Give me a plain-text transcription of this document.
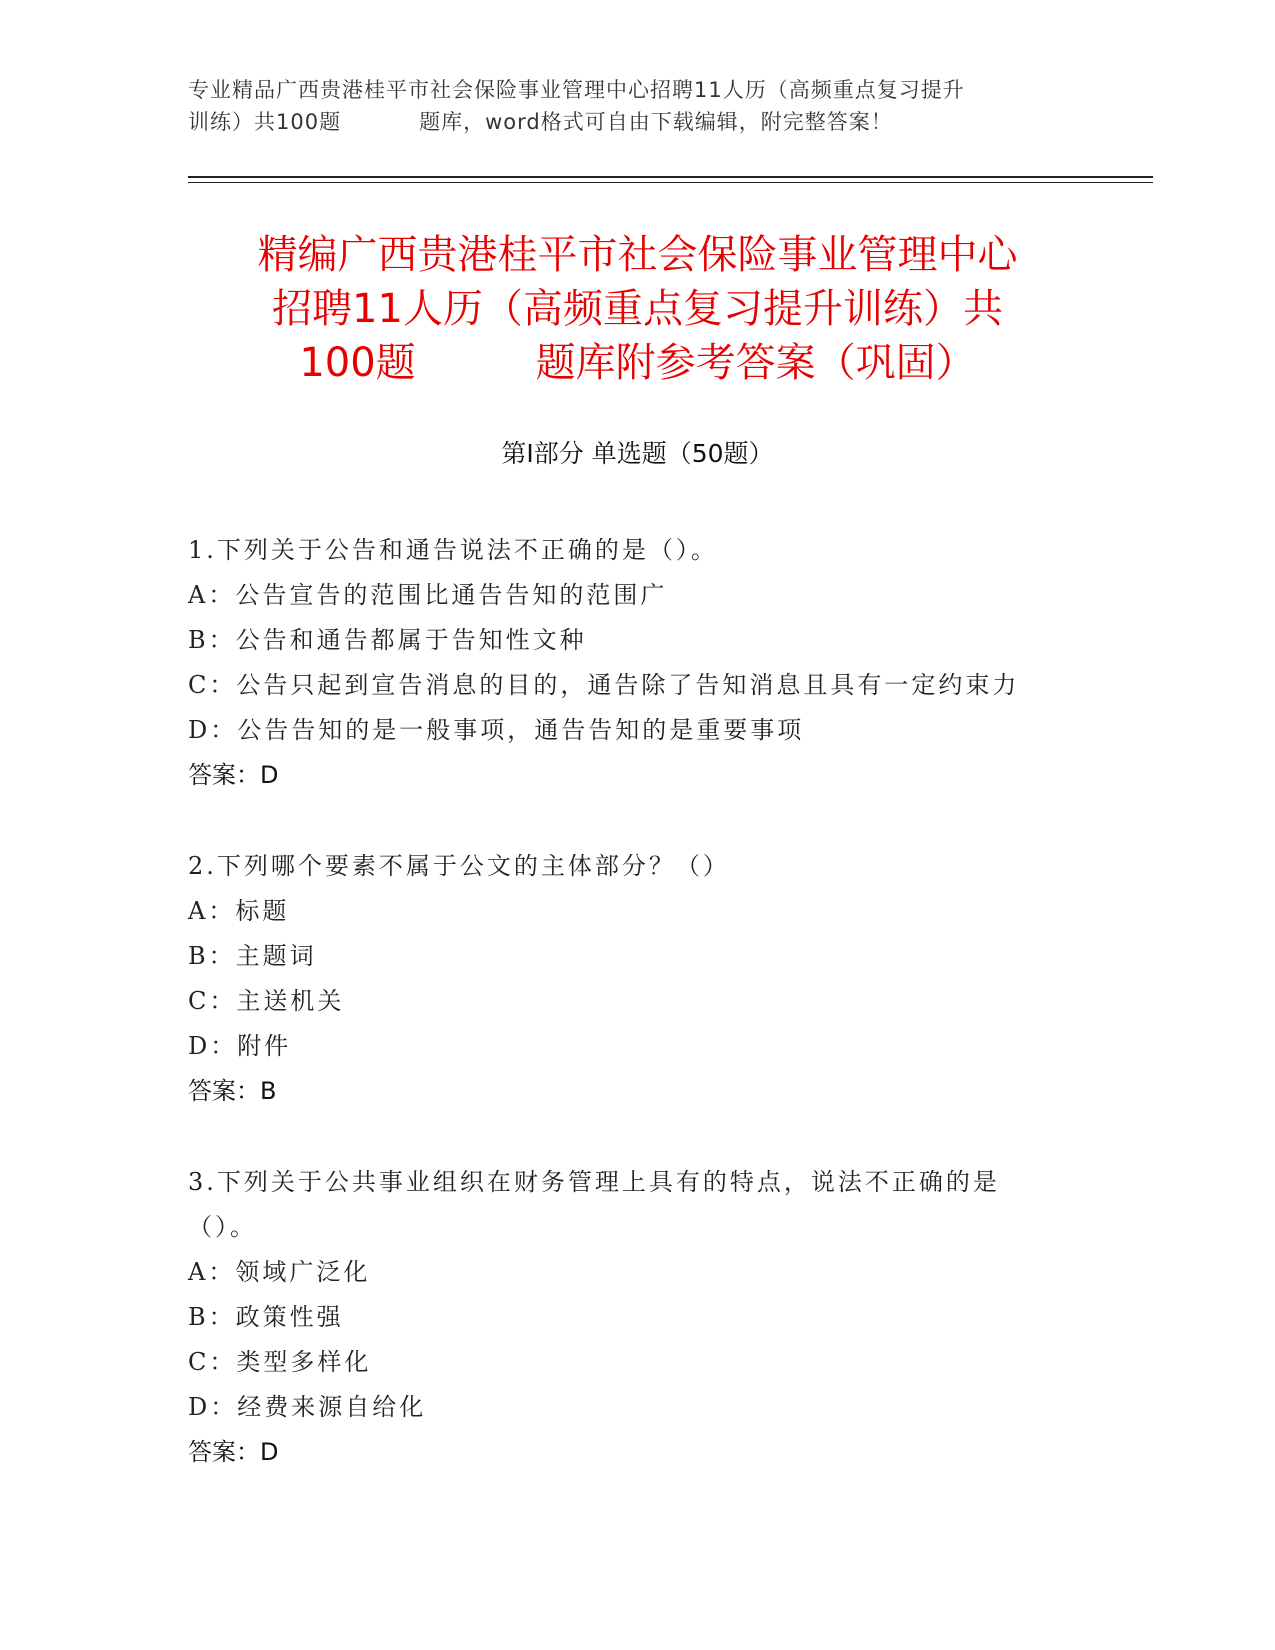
专业精品广西贵港桂平市社会保险事业管理中心招聘11人历（高频重点复习提升
训练）共100题	题库，word格式可自由下载编辑，附完整答案！
精编广西贵港桂平市社会保险事业管理中心
招聘11人历（高频重点复习提升训练）共
100题	题库附参考答案（巩固）
第Ⅰ部分 单选题（50题）
1.下列关于公告和通告说法不正确的是（）。
A：公告宣告的范围比通告告知的范围广
B：公告和通告都属于告知性文种
C：公告只起到宣告消息的目的，通告除了告知消息且具有一定约束力
D：公告告知的是一般事项，通告告知的是重要事项
答案：D
2.下列哪个要素不属于公文的主体部分？（）
A：标题
B：主题词
C：主送机关
D：附件
答案：B
3.下列关于公共事业组织在财务管理上具有的特点，说法不正确的是
（）。
A：领域广泛化
B：政策性强
C：类型多样化
D：经费来源自给化
答案：D
